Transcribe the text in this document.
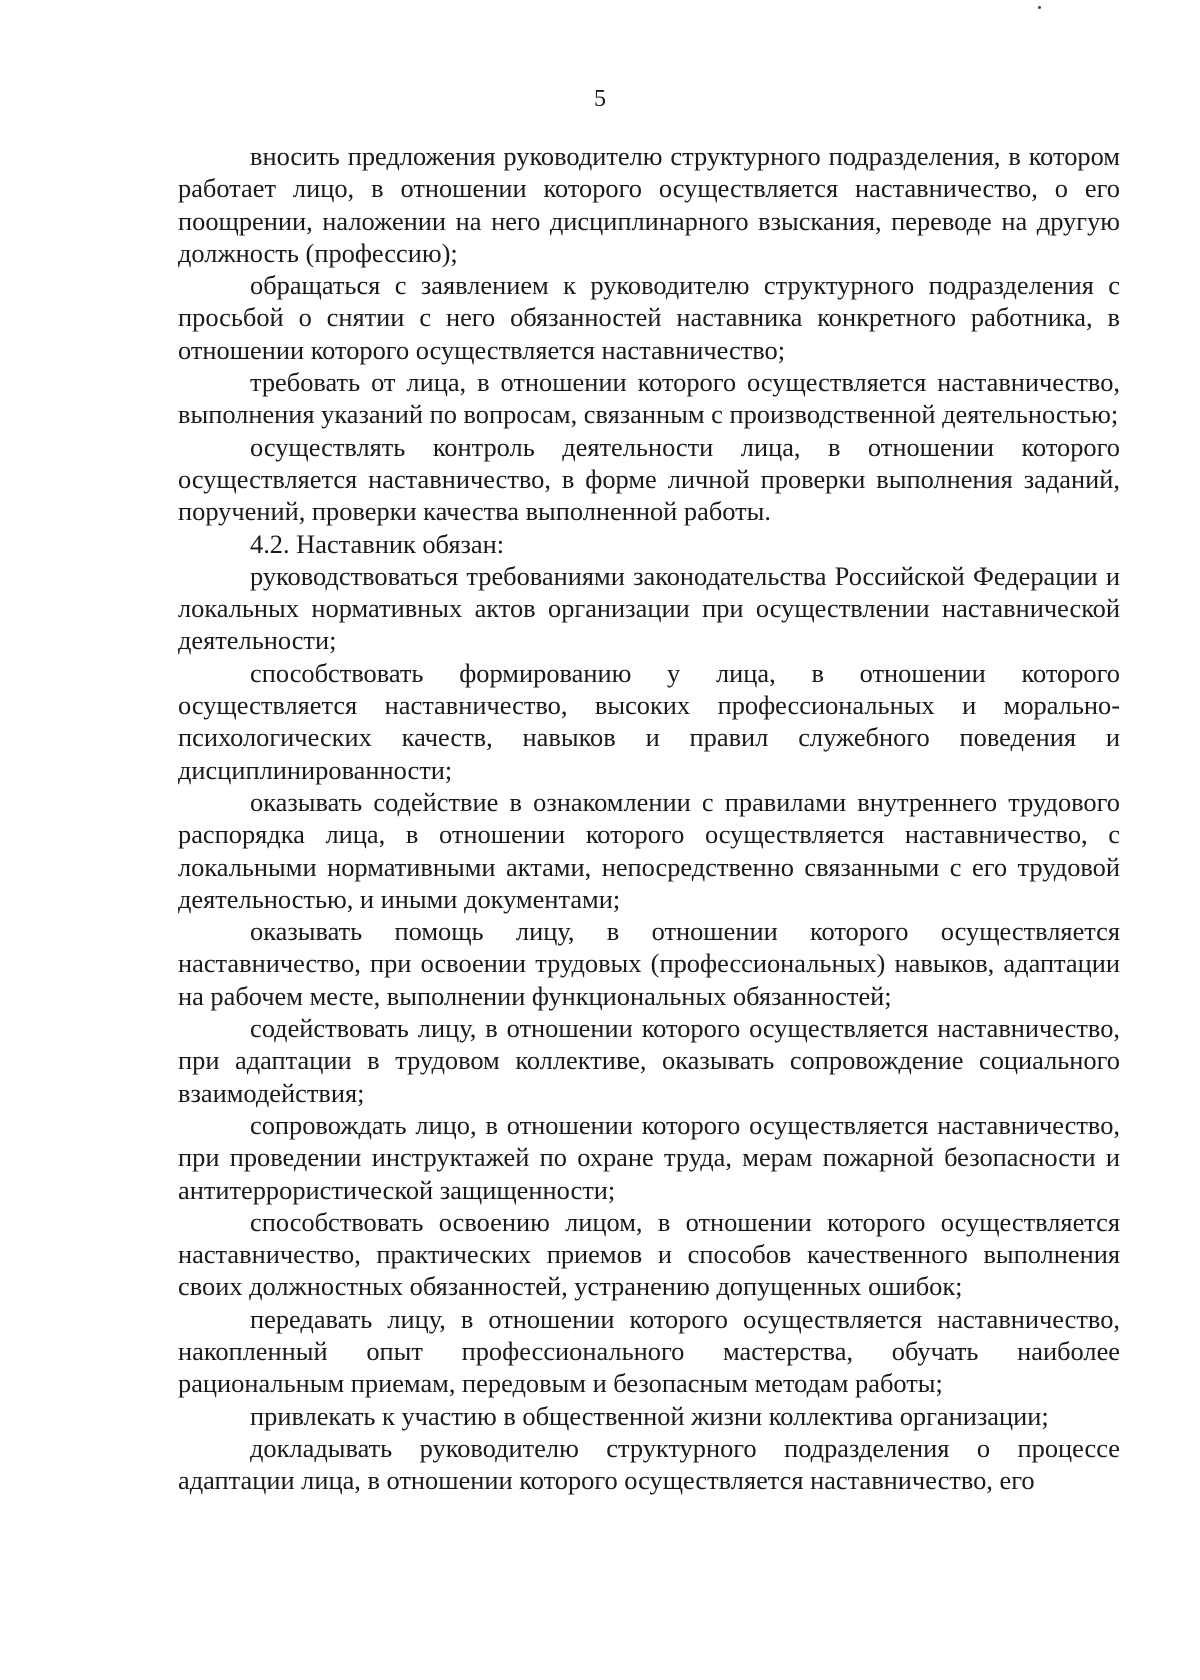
5

вносить предложения руководителю структурного подразделения, в котором работает лицо, в отношении которого осуществляется наставничество, о его поощрении, наложении на него дисциплинарного взыскания, переводе на другую должность (профессию);

обращаться с заявлением к руководителю структурного подразделения с просьбой о снятии с него обязанностей наставника конкретного работника, в отношении которого осуществляется наставничество;

требовать от лица, в отношении которого осуществляется наставничество, выполнения указаний по вопросам, связанным с производственной деятельностью;

осуществлять контроль деятельности лица, в отношении которого осуществляется наставничество, в форме личной проверки выполнения заданий, поручений, проверки качества выполненной работы.

4.2. Наставник обязан:

руководствоваться требованиями законодательства Российской Федерации и локальных нормативных актов организации при осуществлении наставнической деятельности;

способствовать формированию у лица, в отношении которого осуществляется наставничество, высоких профессиональных и морально-психологических качеств, навыков и правил служебного поведения и дисциплинированности;

оказывать содействие в ознакомлении с правилами внутреннего трудового распорядка лица, в отношении которого осуществляется наставничество, с локальными нормативными актами, непосредственно связанными с его трудовой деятельностью, и иными документами;

оказывать помощь лицу, в отношении которого осуществляется наставничество, при освоении трудовых (профессиональных) навыков, адаптации на рабочем месте, выполнении функциональных обязанностей;

содействовать лицу, в отношении которого осуществляется наставничество, при адаптации в трудовом коллективе, оказывать сопровождение социального взаимодействия;

сопровождать лицо, в отношении которого осуществляется наставничество, при проведении инструктажей по охране труда, мерам пожарной безопасности и антитеррористической защищенности;

способствовать освоению лицом, в отношении которого осуществляется наставничество, практических приемов и способов качественного выполнения своих должностных обязанностей, устранению допущенных ошибок;

передавать лицу, в отношении которого осуществляется наставничество, накопленный опыт профессионального мастерства, обучать наиболее рациональным приемам, передовым и безопасным методам работы;

привлекать к участию в общественной жизни коллектива организации;

докладывать руководителю структурного подразделения о процессе адаптации лица, в отношении которого осуществляется наставничество, его
